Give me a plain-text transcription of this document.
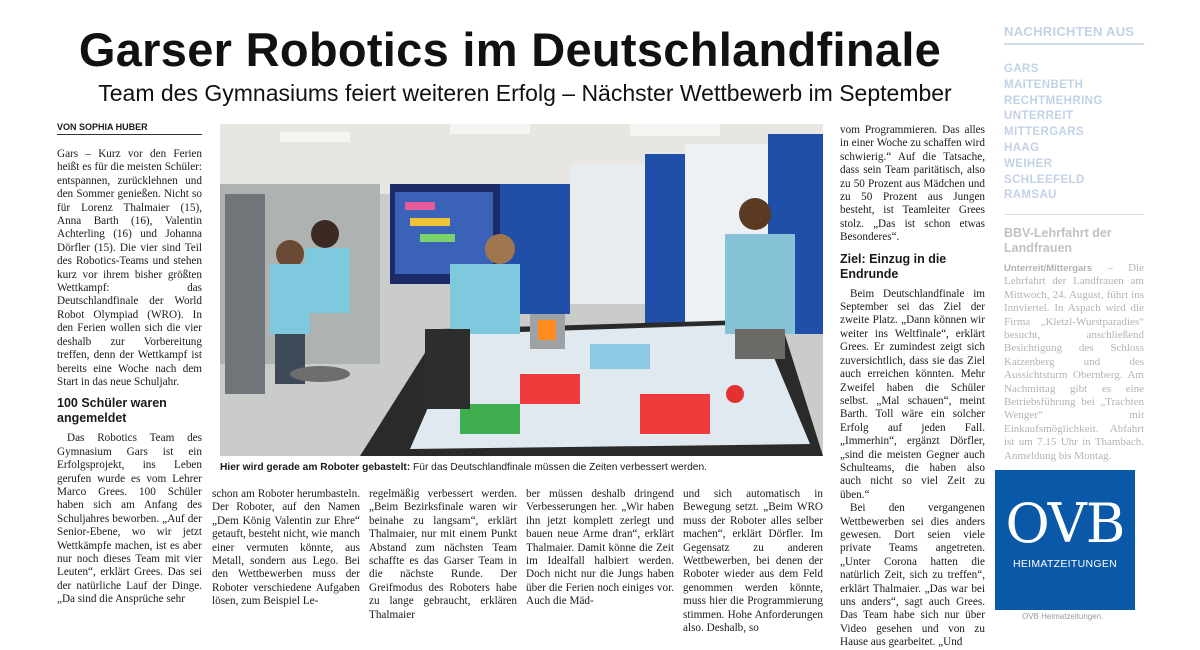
Garser Robotics im Deutschlandfinale
Team des Gymnasiums feiert weiteren Erfolg – Nächster Wettbewerb im September
VON SOPHIA HUBER

Gars – Kurz vor den Ferien heißt es für die meisten Schüler: entspannen, zurücklehnen und den Sommer genießen. Nicht so für Lorenz Thalmaier (15), Anna Barth (16), Valentin Achterling (16) und Johanna Dörfler (15). Die vier sind Teil des Robotics-Teams und stehen kurz vor ihrem bisher größten Wettkampf: das Deutschlandfinale der World Robot Olympiad (WRO). In den Ferien wollen sich die vier deshalb zur Vorbereitung treffen, denn der Wettkampf ist bereits eine Woche nach dem Start in das neue Schuljahr.

100 Schüler waren angemeldet

Das Robotics Team des Gymnasium Gars ist ein Erfolgsprojekt, ins Leben gerufen wurde es vom Lehrer Marco Grees. 100 Schüler haben sich am Anfang des Schuljahres beworben. „Auf der Senior-Ebene, wo wir jetzt Wettkämpfe machen, ist es aber nur noch dieses Team mit vier Leuten“, erklärt Grees. Das sei der natürliche Lauf der Dinge. „Da sind die Ansprüche sehr

Hier wird gerade am Roboter gebastelt: Für das Deutschlandfinale müssen die Zeiten verbessert werden.

schon am Roboter herumbasteln. Der Roboter, auf den Namen „Dem König Valentin zur Ehre“ getauft, besteht nicht, wie manch einer vermuten könnte, aus Metall, sondern aus Lego. Bei den Wettbewerben muss der Roboter verschiedene Aufgaben lösen, zum Beispiel Le-

regelmäßig verbessert werden. „Beim Bezirksfinale waren wir beinahe zu langsam“, erklärt Thalmaier, nur mit einem Punkt Abstand zum nächsten Team schaffte es das Garser Team in die nächste Runde. Der Greifmodus des Roboters habe zu lange gebraucht, erklären Thalmaier

ber müssen deshalb dringend Verbesserungen her. „Wir haben ihn jetzt komplett zerlegt und bauen neue Arme dran“, erklärt Thalmaier. Damit könne die Zeit im Idealfall halbiert werden. Doch nicht nur die Jungs haben über die Ferien noch einiges vor. Auch die Mäd-

und sich automatisch in Bewegung setzt. „Beim WRO muss der Roboter alles selber machen“, erklärt Dörfler. Im Gegensatz zu anderen Wettbewerben, bei denen der Roboter wieder aus dem Feld genommen werden könnte, muss hier die Programmierung stimmen. Hohe Anforderungen also. Deshalb, so

vom Programmieren. Das alles in einer Woche zu schaffen wird schwierig.“ Auf die Tatsache, dass sein Team paritätisch, also zu 50 Prozent aus Mädchen und zu 50 Prozent aus Jungen besteht, ist Teamleiter Grees stolz. „Das ist schon etwas Besonderes“.

Ziel: Einzug in die Endrunde

Beim Deutschlandfinale im September sei das Ziel der zweite Platz. „Dann können wir weiter ins Weltfinale“, erklärt Grees. Er zumindest zeigt sich zuversichtlich, dass sie das Ziel auch erreichen könnten. Mehr Zweifel haben die Schüler selbst. „Mal schauen“, meint Barth. Toll wäre ein solcher Erfolg auf jeden Fall. „Immerhin“, ergänzt Dörfler, „sind die meisten Gegner auch Schulteams, die haben also auch nicht so viel Zeit zu üben.“

Bei den vergangenen Wettbewerben sei dies anders gewesen. Dort seien viele private Teams angetreten. „Unter Corona hatten die natürlich Zeit, sich zu treffen“, erklärt Thalmaier. „Das war bei uns anders“, sagt auch Grees. Das Team habe sich nur über Video gesehen und von zu Hause aus gearbeitet. „Und

NACHRICHTEN AUS
GARS
MAITENBETH
RECHTMEHRING
UNTERREIT
MITTERGARS
HAAG
WEIHER
SCHLEEFELD
RAMSAU
BBV-Lehrfahrt der Landfrauen
Unterreit/Mittergars – Die Lehrfahrt der Landfrauen am Mittwoch, 24. August, führt ins Innviertel. In Aspach wird die Firma „Kletzl-Wurstparadies“ besucht, anschließend Besichtigung des Schloss Katzenberg und des Aussichtsturm Obernberg. Am Nachmittag gibt es eine Betriebsführung bei „Trachten Wenger“ mit Einkaufsmöglichkeit. Abfahrt ist um 7.15 Uhr in Thambach. Anmeldung bis Montag.
OVB
HEIMATZEITUNGEN
OVB Heimatzeitungen.
